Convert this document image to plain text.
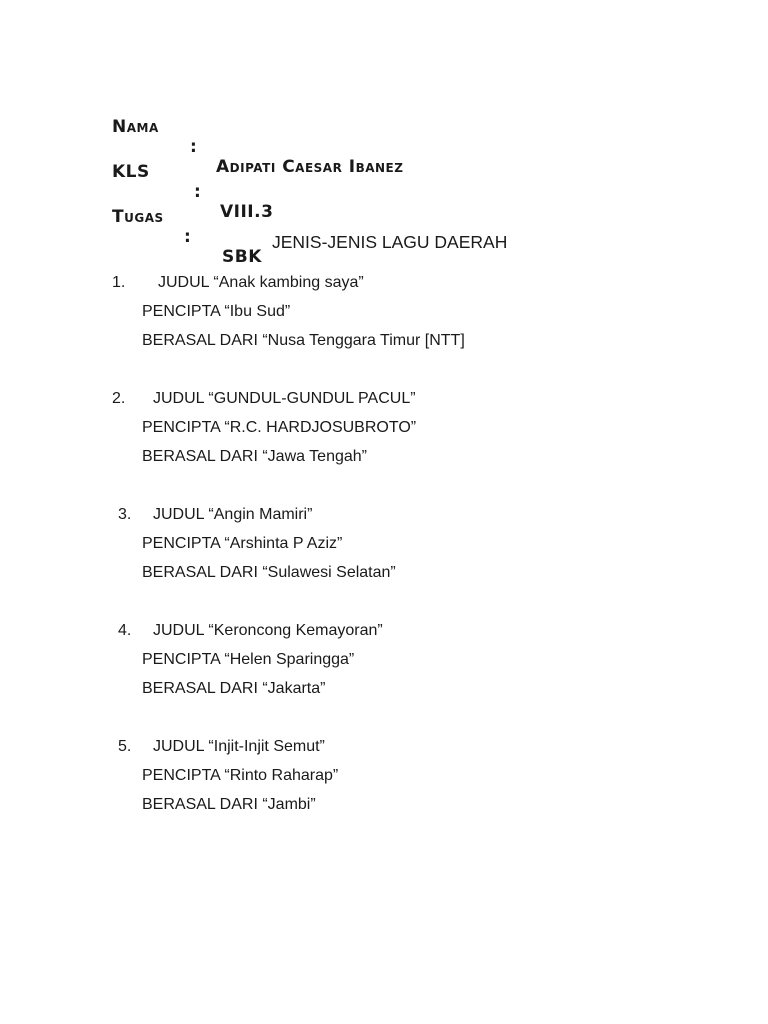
Nama

:

Adipati Caesar Ibanez

KLS

:

VIII.3

Tugas

:

SBK

JENIS-JENIS LAGU DAERAH
1. JUDUL “Anak kambing saya”
PENCIPTA “Ibu Sud”
BERASAL DARI “Nusa Tenggara Timur [NTT]
2. JUDUL “GUNDUL-GUNDUL PACUL”
PENCIPTA “R.C. HARDJOSUBROTO”
BERASAL DARI “Jawa Tengah”
3. JUDUL “Angin Mamiri”
PENCIPTA “Arshinta P Aziz”
BERASAL DARI “Sulawesi Selatan”
4. JUDUL “Keroncong Kemayoran”
PENCIPTA “Helen Sparingga”
BERASAL DARI “Jakarta”
5. JUDUL “Injit-Injit Semut”
PENCIPTA “Rinto Raharap”
BERASAL DARI “Jambi”
